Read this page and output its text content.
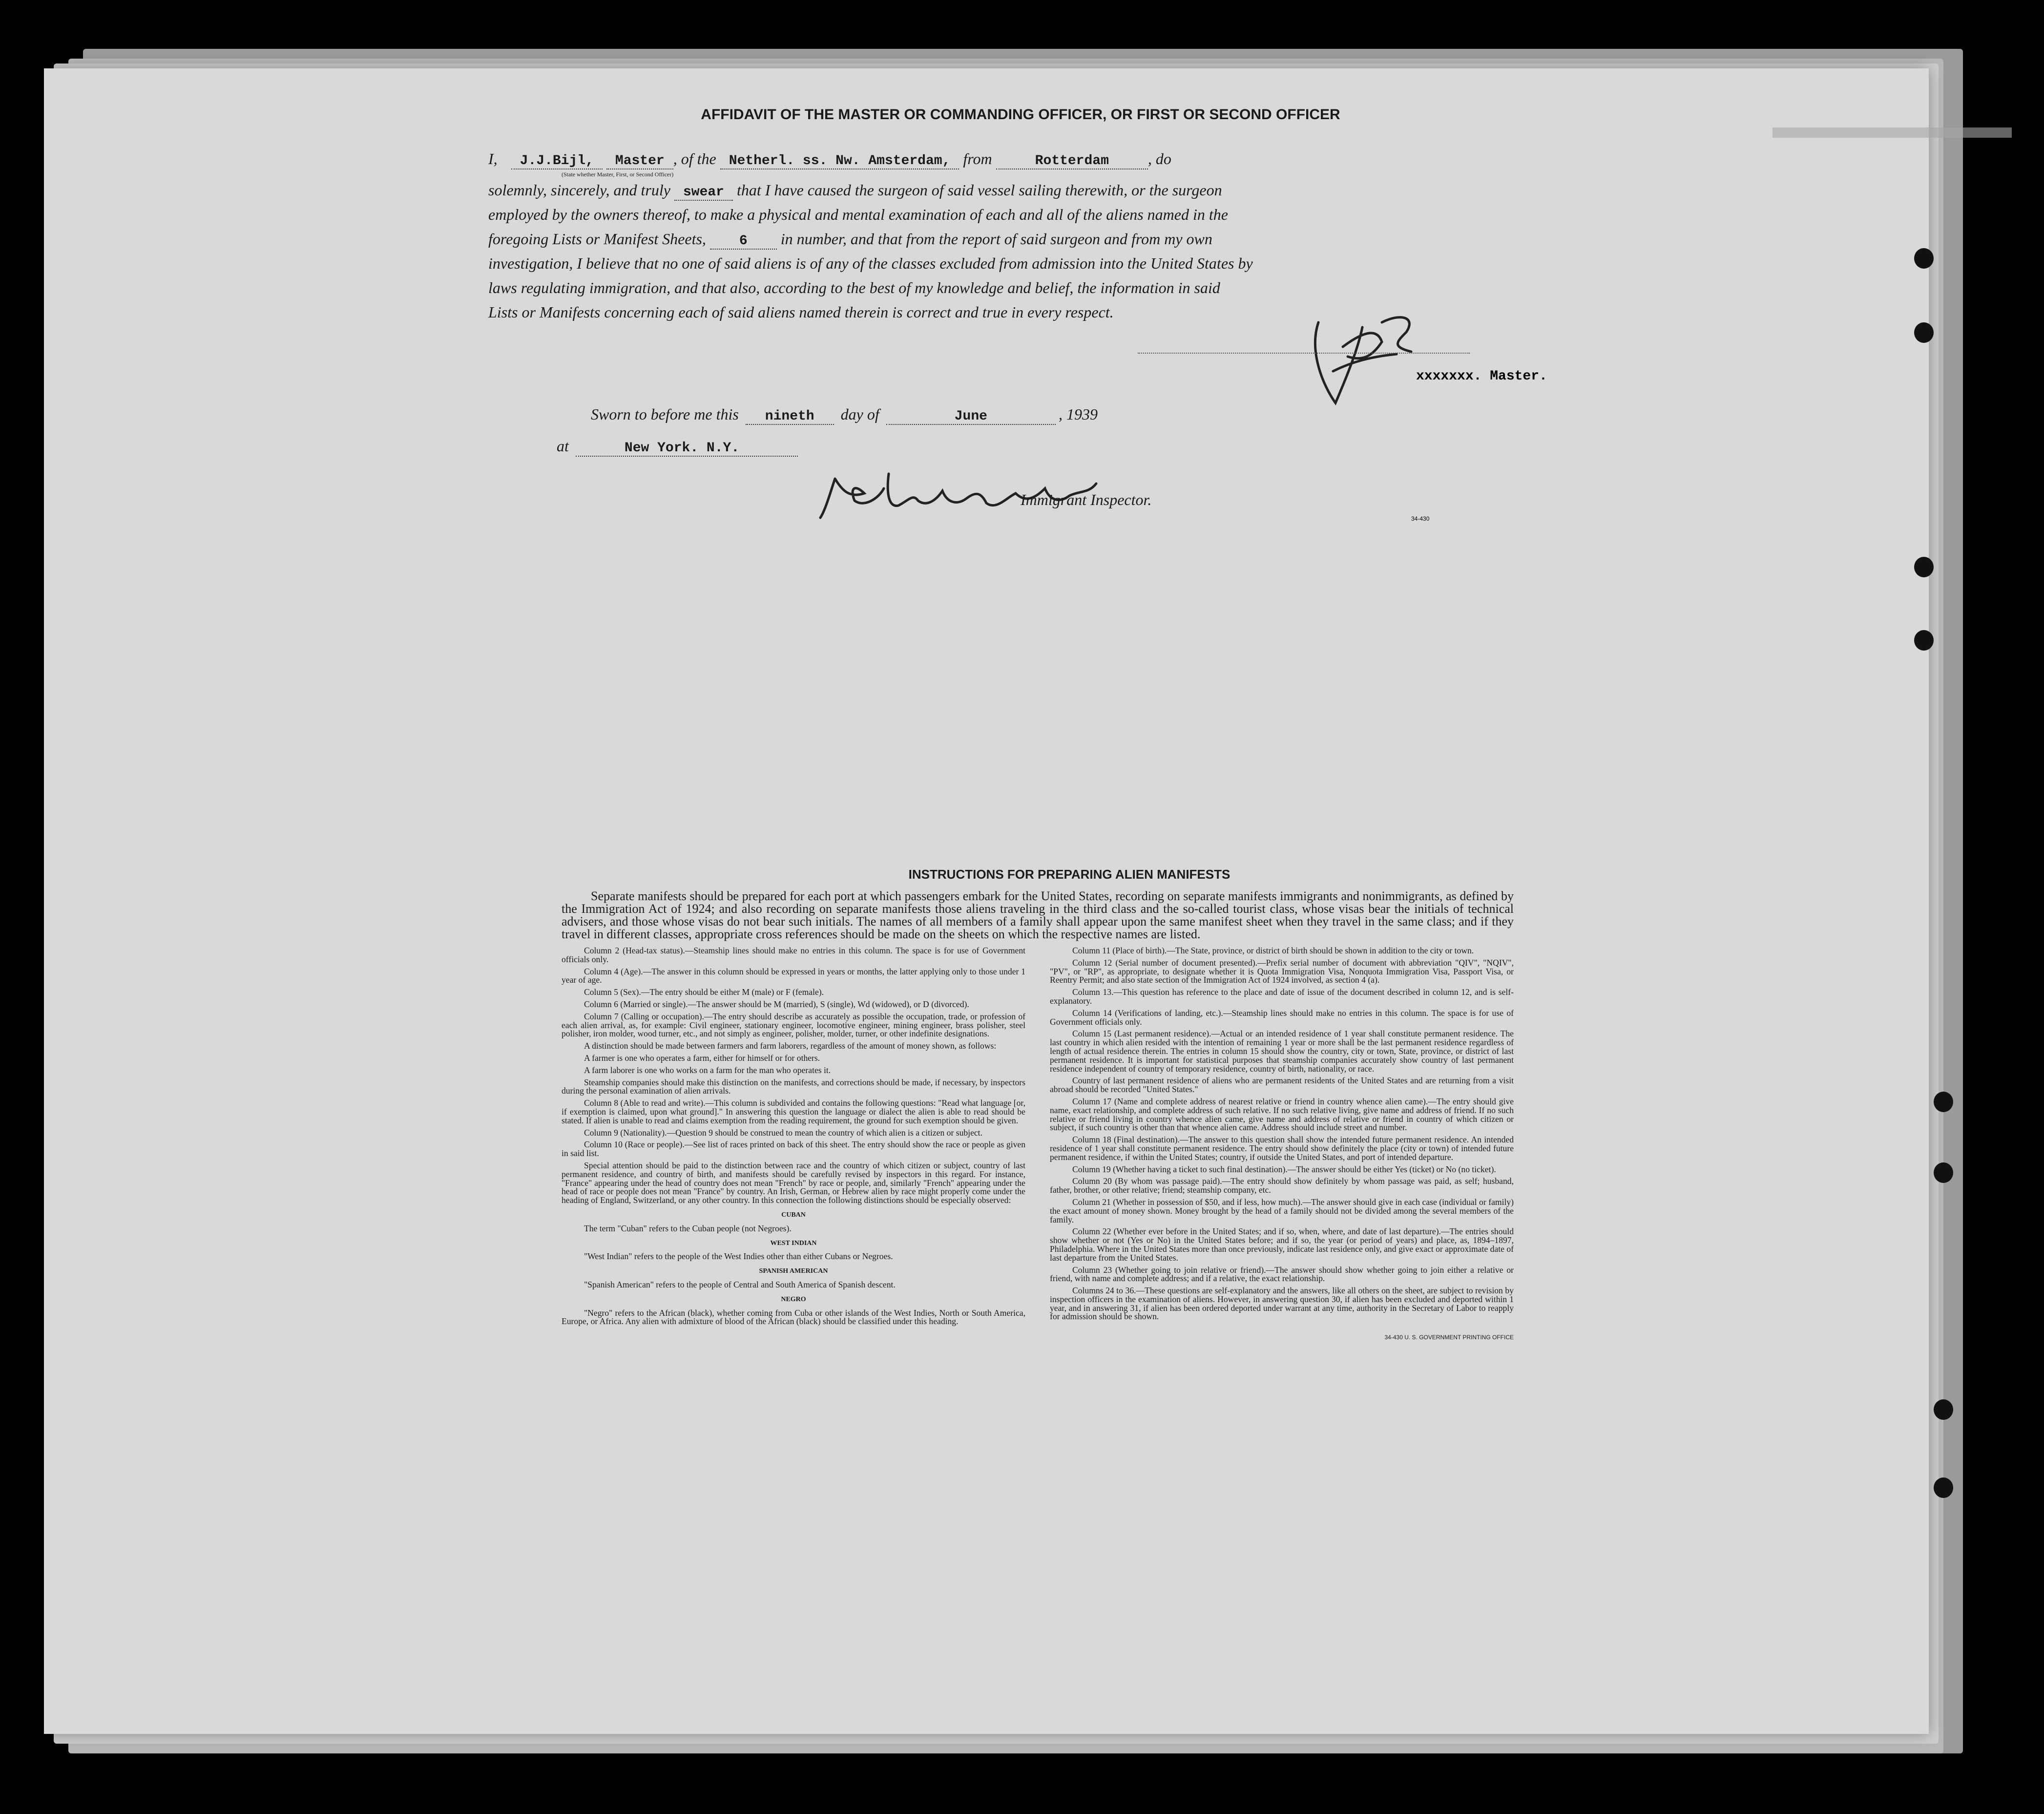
▬▬▬▬▬▬▬
AFFIDAVIT OF THE MASTER OR COMMANDING OFFICER, OR FIRST OR SECOND OFFICER
I, J.J.Bijl, Master , of the Netherl. ss. Nw. Amsterdam, from	Rotterdam	, do
(State whether Master, First, or Second Officer)
solemnly, sincerely, and truly swear that I have caused the surgeon of said vessel sailing therewith, or the surgeon
employed by the owners thereof, to make a physical and mental examination of each and all of the aliens named in the
foregoing Lists or Manifest Sheets, 6 in number, and that from the report of said surgeon and from my own
investigation, I believe that no one of said aliens is of any of the classes excluded from admission into the United States by
laws regulating immigration, and that also, according to the best of my knowledge and belief, the information in said
Lists or Manifests concerning each of said aliens named therein is correct and true in every respect.
xxxxxxx. Master.
Sworn to before me this nineth day of	June	, 1939
at	New York. N.Y.
Immigrant Inspector.
34-430
INSTRUCTIONS FOR PREPARING ALIEN MANIFESTS

Separate manifests should be prepared for each port at which passengers embark for the United States, recording on separate manifests immigrants and nonimmigrants, as defined by the Immigration Act of 1924; and also recording on separate manifests those aliens traveling in the third class and the so-called tourist class, whose visas bear the initials of technical advisers, and those whose visas do not bear such initials. The names of all members of a family shall appear upon the same manifest sheet when they travel in the same class; and if they travel in different classes, appropriate cross references should be made on the sheets on which the respective names are listed.

Column 2 (Head-tax status).—Steamship lines should make no entries in this column. The space is for use of Government officials only.

Column 4 (Age).—The answer in this column should be expressed in years or months, the latter applying only to those under 1 year of age.

Column 5 (Sex).—The entry should be either M (male) or F (female).

Column 6 (Married or single).—The answer should be M (married), S (single), Wd (widowed), or D (divorced).

Column 7 (Calling or occupation).—The entry should describe as accurately as possible the occupation, trade, or profession of each alien arrival, as, for example: Civil engineer, stationary engineer, locomotive engineer, mining engineer, brass polisher, steel polisher, iron molder, wood turner, etc., and not simply as engineer, polisher, molder, turner, or other indefinite designations.

A distinction should be made between farmers and farm laborers, regardless of the amount of money shown, as follows:

A farmer is one who operates a farm, either for himself or for others.

A farm laborer is one who works on a farm for the man who operates it.

Steamship companies should make this distinction on the manifests, and corrections should be made, if necessary, by inspectors during the personal examination of alien arrivals.

Column 8 (Able to read and write).—This column is subdivided and contains the following questions: "Read what language [or, if exemption is claimed, upon what ground]." In answering this question the language or dialect the alien is able to read should be stated. If alien is unable to read and claims exemption from the reading requirement, the ground for such exemption should be given.

Column 9 (Nationality).—Question 9 should be construed to mean the country of which alien is a citizen or subject.

Column 10 (Race or people).—See list of races printed on back of this sheet. The entry should show the race or people as given in said list.

Special attention should be paid to the distinction between race and the country of which citizen or subject, country of last permanent residence, and country of birth, and manifests should be carefully revised by inspectors in this regard. For instance, "France" appearing under the head of country does not mean "French" by race or people, and, similarly "French" appearing under the head of race or people does not mean "France" by country. An Irish, German, or Hebrew alien by race might properly come under the heading of England, Switzerland, or any other country. In this connection the following distinctions should be especially observed:

CUBAN

The term "Cuban" refers to the Cuban people (not Negroes).

WEST INDIAN

"West Indian" refers to the people of the West Indies other than either Cubans or Negroes.

SPANISH AMERICAN

"Spanish American" refers to the people of Central and South America of Spanish descent.

NEGRO

"Negro" refers to the African (black), whether coming from Cuba or other islands of the West Indies, North or South America, Europe, or Africa. Any alien with admixture of blood of the African (black) should be classified under this heading.

Column 11 (Place of birth).—The State, province, or district of birth should be shown in addition to the city or town.

Column 12 (Serial number of document presented).—Prefix serial number of document with abbreviation "QIV", "NQIV", "PV", or "RP", as appropriate, to designate whether it is Quota Immigration Visa, Nonquota Immigration Visa, Passport Visa, or Reentry Permit; and also state section of the Immigration Act of 1924 involved, as section 4 (a).

Column 13.—This question has reference to the place and date of issue of the document described in column 12, and is self-explanatory.

Column 14 (Verifications of landing, etc.).—Steamship lines should make no entries in this column. The space is for use of Government officials only.

Column 15 (Last permanent residence).—Actual or an intended residence of 1 year shall constitute permanent residence. The last country in which alien resided with the intention of remaining 1 year or more shall be the last permanent residence regardless of length of actual residence therein. The entries in column 15 should show the country, city or town, State, province, or district of last permanent residence. It is important for statistical purposes that steamship companies accurately show country of last permanent residence independent of country of temporary residence, country of birth, nationality, or race.

Country of last permanent residence of aliens who are permanent residents of the United States and are returning from a visit abroad should be recorded "United States."

Column 17 (Name and complete address of nearest relative or friend in country whence alien came).—The entry should give name, exact relationship, and complete address of such relative. If no such relative living, give name and address of friend. If no such relative or friend living in country whence alien came, give name and address of relative or friend in country of which citizen or subject, if such country is other than that whence alien came. Address should include street and number.

Column 18 (Final destination).—The answer to this question shall show the intended future permanent residence. An intended residence of 1 year shall constitute permanent residence. The entry should show definitely the place (city or town) of intended future permanent residence, if within the United States; country, if outside the United States, and port of intended departure.

Column 19 (Whether having a ticket to such final destination).—The answer should be either Yes (ticket) or No (no ticket).

Column 20 (By whom was passage paid).—The entry should show definitely by whom passage was paid, as self; husband, father, brother, or other relative; friend; steamship company, etc.

Column 21 (Whether in possession of $50, and if less, how much).—The answer should give in each case (individual or family) the exact amount of money shown. Money brought by the head of a family should not be divided among the several members of the family.

Column 22 (Whether ever before in the United States; and if so, when, where, and date of last departure).—The entries should show whether or not (Yes or No) in the United States before; and if so, the year (or period of years) and place, as, 1894–1897, Philadelphia. Where in the United States more than once previously, indicate last residence only, and give exact or approximate date of last departure from the United States.

Column 23 (Whether going to join relative or friend).—The answer should show whether going to join either a relative or friend, with name and complete address; and if a relative, the exact relationship.

Columns 24 to 36.—These questions are self-explanatory and the answers, like all others on the sheet, are subject to revision by inspection officers in the examination of aliens. However, in answering question 30, if alien has been excluded and deported within 1 year, and in answering 31, if alien has been ordered deported under warrant at any time, authority in the Secretary of Labor to reapply for admission should be shown.

34-430 U. S. GOVERNMENT PRINTING OFFICE
